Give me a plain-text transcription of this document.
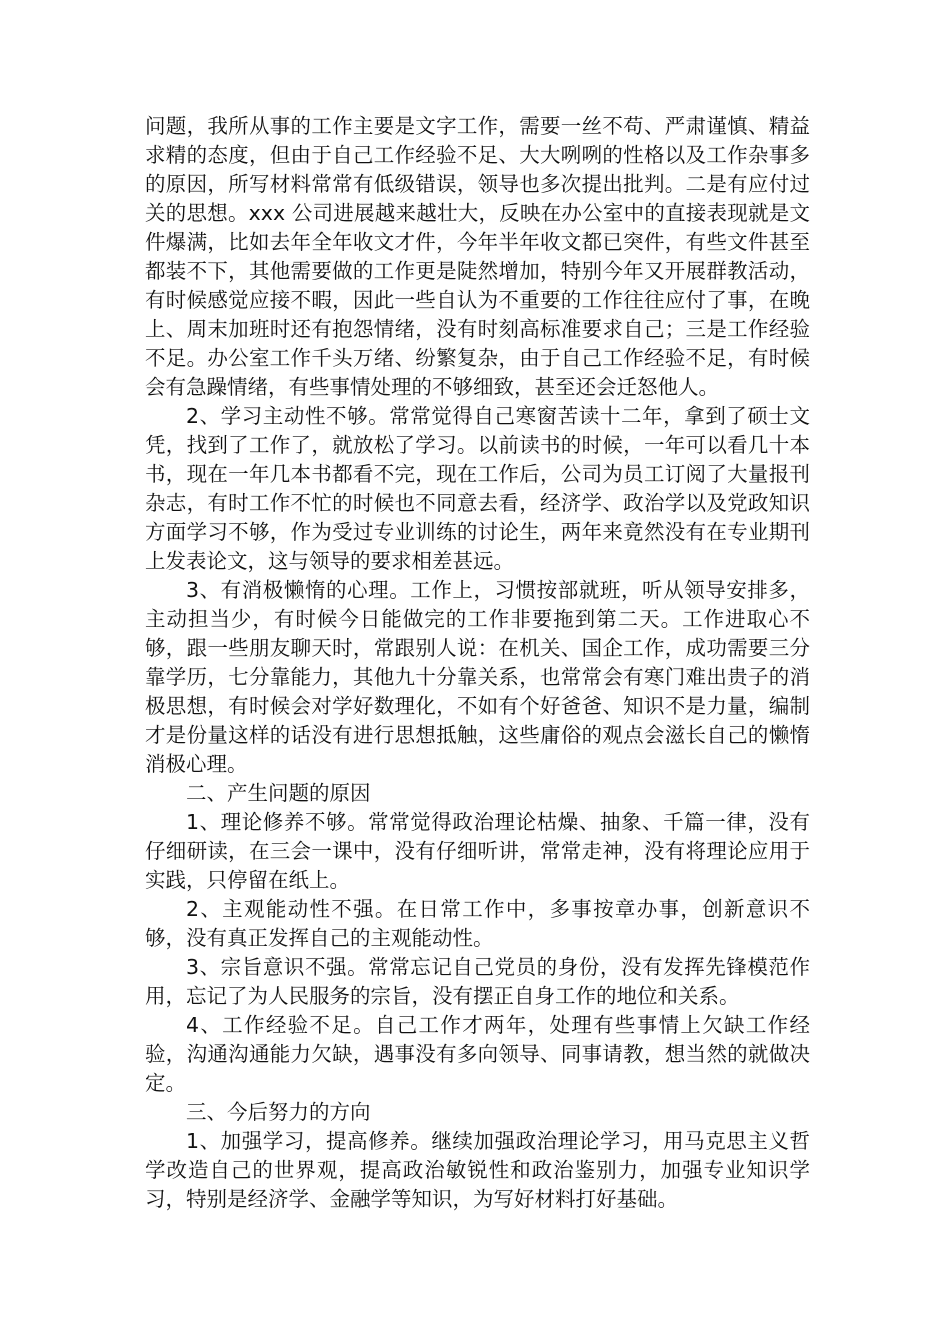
问题，我所从事的工作主要是文字工作，需要一丝不苟、严肃谨慎、精益求精的态度，但由于自己工作经验不足、大大咧咧的性格以及工作杂事多的原因，所写材料常常有低级错误，领导也多次提出批判。二是有应付过关的思想。xxx 公司进展越来越壮大，反映在办公室中的直接表现就是文件爆满，比如去年全年收文才件，今年半年收文都已突件，有些文件甚至都装不下，其他需要做的工作更是陡然增加，特别今年又开展群教活动，有时候感觉应接不暇，因此一些自认为不重要的工作往往应付了事，在晚上、周末加班时还有抱怨情绪，没有时刻高标准要求自己；三是工作经验不足。办公室工作千头万绪、纷繁复杂，由于自己工作经验不足，有时候会有急躁情绪，有些事情处理的不够细致，甚至还会迁怒他人。

2、学习主动性不够。常常觉得自己寒窗苦读十二年，拿到了硕士文凭，找到了工作了，就放松了学习。以前读书的时候，一年可以看几十本书，现在一年几本书都看不完，现在工作后，公司为员工订阅了大量报刊杂志，有时工作不忙的时候也不同意去看，经济学、政治学以及党政知识方面学习不够，作为受过专业训练的讨论生，两年来竟然没有在专业期刊上发表论文，这与领导的要求相差甚远。

3、有消极懒惰的心理。工作上，习惯按部就班，听从领导安排多，主动担当少，有时候今日能做完的工作非要拖到第二天。工作进取心不够，跟一些朋友聊天时，常跟别人说：在机关、国企工作，成功需要三分靠学历，七分靠能力，其他九十分靠关系，也常常会有寒门难出贵子的消极思想，有时候会对学好数理化，不如有个好爸爸、知识不是力量，编制才是份量这样的话没有进行思想抵触，这些庸俗的观点会滋长自己的懒惰消极心理。

二、产生问题的原因

1、理论修养不够。常常觉得政治理论枯燥、抽象、千篇一律，没有仔细研读，在三会一课中，没有仔细听讲，常常走神，没有将理论应用于实践，只停留在纸上。

2、主观能动性不强。在日常工作中，多事按章办事，创新意识不够，没有真正发挥自己的主观能动性。

3、宗旨意识不强。常常忘记自己党员的身份，没有发挥先锋模范作用，忘记了为人民服务的宗旨，没有摆正自身工作的地位和关系。

4、工作经验不足。自己工作才两年，处理有些事情上欠缺工作经验，沟通沟通能力欠缺，遇事没有多向领导、同事请教，想当然的就做决定。

三、今后努力的方向

1、加强学习，提高修养。继续加强政治理论学习，用马克思主义哲学改造自己的世界观，提高政治敏锐性和政治鉴别力，加强专业知识学习，特别是经济学、金融学等知识，为写好材料打好基础。
